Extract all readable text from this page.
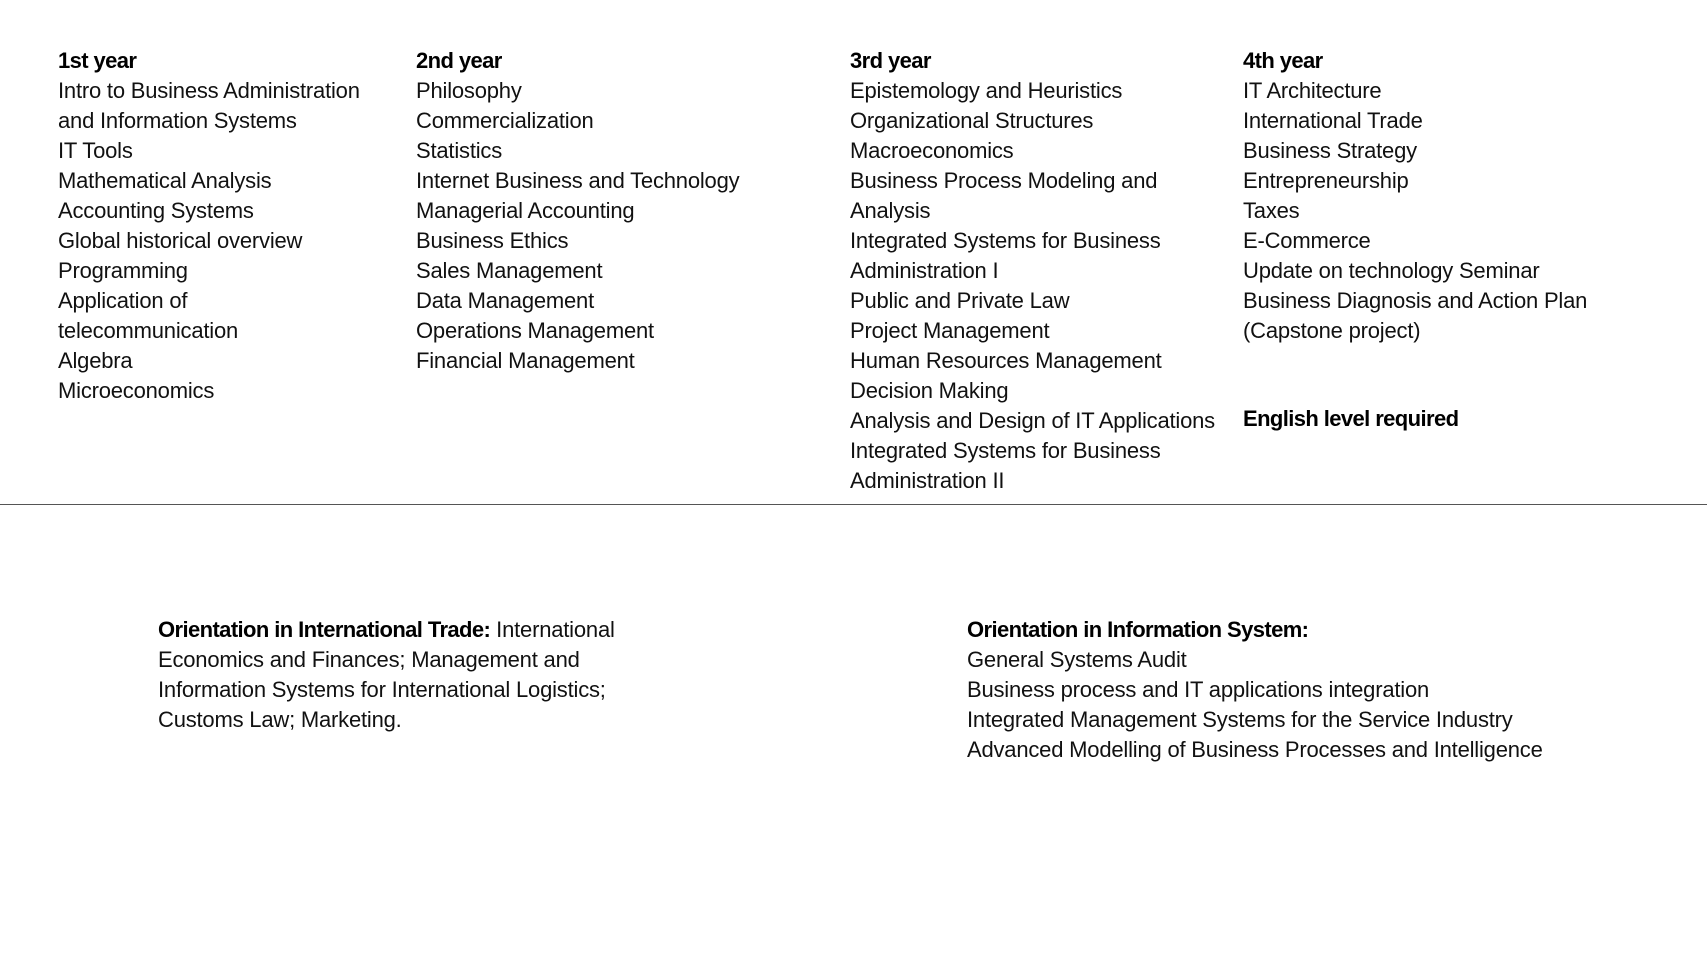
1st year
Intro to Business Administration
and Information Systems
IT Tools
Mathematical Analysis
Accounting Systems
Global historical overview
Programming
Application of
telecommunication
Algebra
Microeconomics
2nd year
Philosophy
Commercialization
Statistics
Internet Business and Technology
Managerial Accounting
Business Ethics
Sales Management
Data Management
Operations Management
Financial Management
3rd year
Epistemology and Heuristics
Organizational Structures
Macroeconomics
Business Process Modeling and
Analysis
Integrated Systems for Business
Administration I
Public and Private Law
Project Management
Human Resources Management
Decision Making
Analysis and Design of IT Applications
Integrated Systems for Business
Administration II
4th year
IT Architecture
International Trade
Business Strategy
Entrepreneurship
Taxes
E-Commerce
Update on technology Seminar
Business Diagnosis and Action Plan
(Capstone project)
English level required
Orientation in International Trade: International
Economics and Finances; Management and
Information Systems for International Logistics;
Customs Law; Marketing.
Orientation in Information System:
General Systems Audit
Business process and IT applications integration
Integrated Management Systems for the Service Industry
Advanced Modelling of Business Processes and Intelligence
